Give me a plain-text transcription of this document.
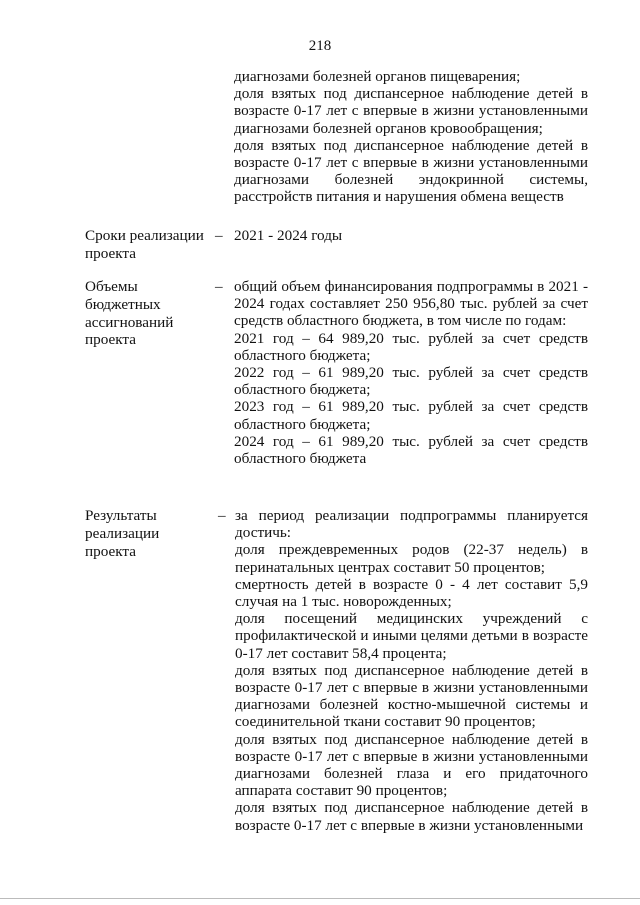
218

диагнозами болезней органов пищеварения;

доля взятых под диспансерное наблюдение детей в возрасте 0-17 лет с впервые в жизни установленными диагнозами болезней органов кровообращения;

доля взятых под диспансерное наблюдение детей в возрасте 0-17 лет с впервые в жизни установленными диагнозами болезней эндокринной системы, расстройств питания и нарушения обмена веществ

Сроки реализации

проекта

– 2021 - 2024 годы

Объемы

бюджетных

ассигнований

проекта

– общий объем финансирования подпрограммы в 2021 - 2024 годах составляет 250 956,80 тыс. рублей за счет средств областного бюджета, в том числе по годам:

2021 год – 64 989,20 тыс. рублей за счет средств областного бюджета;

2022 год – 61 989,20 тыс. рублей за счет средств областного бюджета;

2023 год – 61 989,20 тыс. рублей за счет средств областного бюджета;

2024 год – 61 989,20 тыс. рублей за счет средств областного бюджета

Результаты

реализации

проекта

– за период реализации подпрограммы планируется достичь:

доля преждевременных родов (22-37 недель) в перинатальных центрах составит 50 процентов;

смертность детей в возрасте 0 - 4 лет составит 5,9 случая на 1 тыс. новорожденных;

доля посещений медицинских учреждений с профилактической и иными целями детьми в возрасте 0-17 лет составит 58,4 процента;

доля взятых под диспансерное наблюдение детей в возрасте 0-17 лет с впервые в жизни установленными диагнозами болезней костно-мышечной системы и соединительной ткани составит 90 процентов;

доля взятых под диспансерное наблюдение детей в возрасте 0-17 лет с впервые в жизни установленными диагнозами болезней глаза и его придаточного аппарата составит 90 процентов;

доля взятых под диспансерное наблюдение детей в возрасте 0-17 лет с впервые в жизни установленными
